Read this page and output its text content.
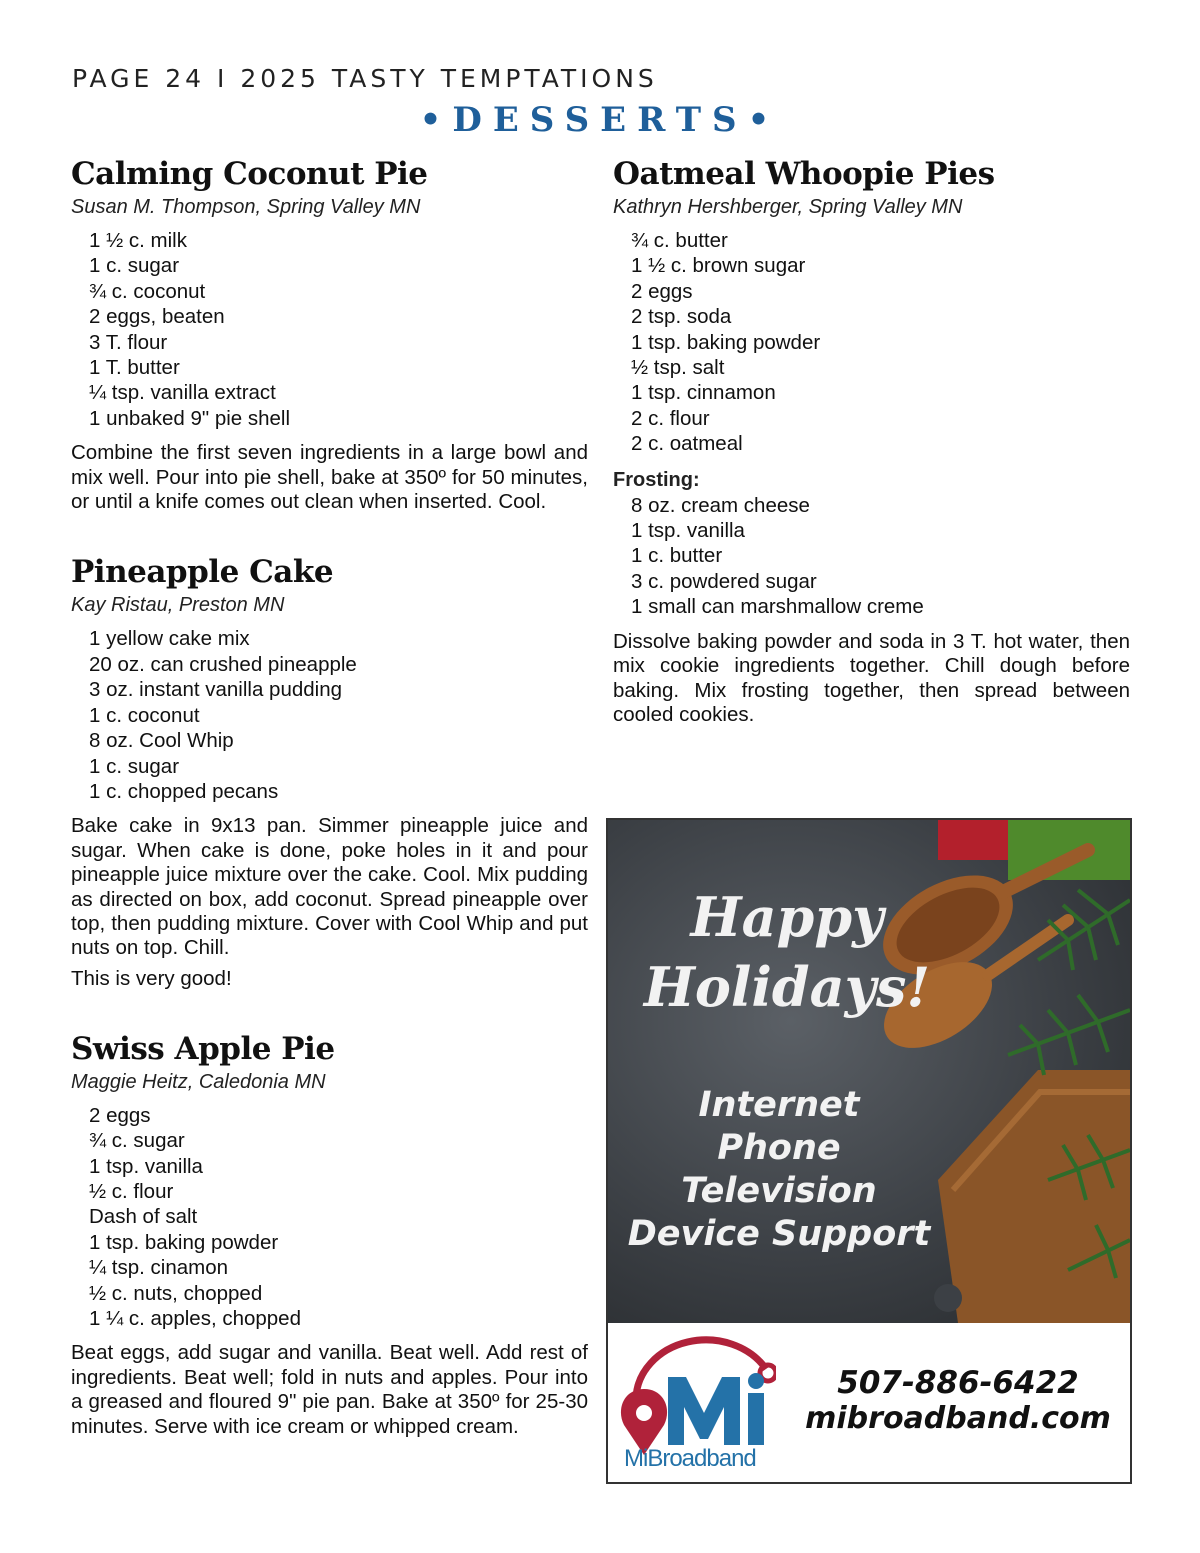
PAGE 24 I 2025 TASTY TEMPTATIONS
•DESSERTS•
Calming Coconut Pie
Susan M. Thompson, Spring Valley MN
1 ½ c. milk
1 c. sugar
¾ c. coconut
2 eggs, beaten
3 T. flour
1 T. butter
¼ tsp. vanilla extract
1 unbaked 9" pie shell

Combine the first seven ingredients in a large bowl and mix well. Pour into pie shell, bake at 350º for 50 minutes, or until a knife comes out clean when inserted. Cool.

Pineapple Cake
Kay Ristau, Preston MN
1 yellow cake mix
20 oz. can crushed pineapple
3 oz. instant vanilla pudding
1 c. coconut
8 oz. Cool Whip
1 c. sugar
1 c. chopped pecans

Bake cake in 9x13 pan. Simmer pineapple juice and sugar. When cake is done, poke holes in it and pour pineapple juice mixture over the cake. Cool. Mix pudding as directed on box, add coconut. Spread pineapple over top, then pudding mixture. Cover with Cool Whip and put nuts on top. Chill.

This is very good!

Swiss Apple Pie
Maggie Heitz, Caledonia MN
2 eggs
¾ c. sugar
1 tsp. vanilla
½ c. flour
Dash of salt
1 tsp. baking powder
¼ tsp. cinamon
½ c. nuts, chopped
1 ¼ c. apples, chopped

Beat eggs, add sugar and vanilla. Beat well. Add rest of ingredients. Beat well; fold in nuts and apples. Pour into a greased and floured 9" pie pan. Bake at 350º for 25-30 minutes. Serve with ice cream or whipped cream.

Oatmeal Whoopie Pies
Kathryn Hershberger, Spring Valley MN
¾ c. butter
1 ½ c. brown sugar
2 eggs
2 tsp. soda
1 tsp. baking powder
½ tsp. salt
1 tsp. cinnamon
2 c. flour
2 c. oatmeal
Frosting:
8 oz. cream cheese
1 tsp. vanilla
1 c. butter
3 c. powdered sugar
1 small can marshmallow creme

Dissolve baking powder and soda in 3 T. hot water, then mix cookie ingredients together. Chill dough before baking. Mix frosting together, then spread between cooled cookies.

Happy
Holidays!
Internet
Phone
Television
Device Support
MiBroadband
507-886-6422
mibroadband.com
